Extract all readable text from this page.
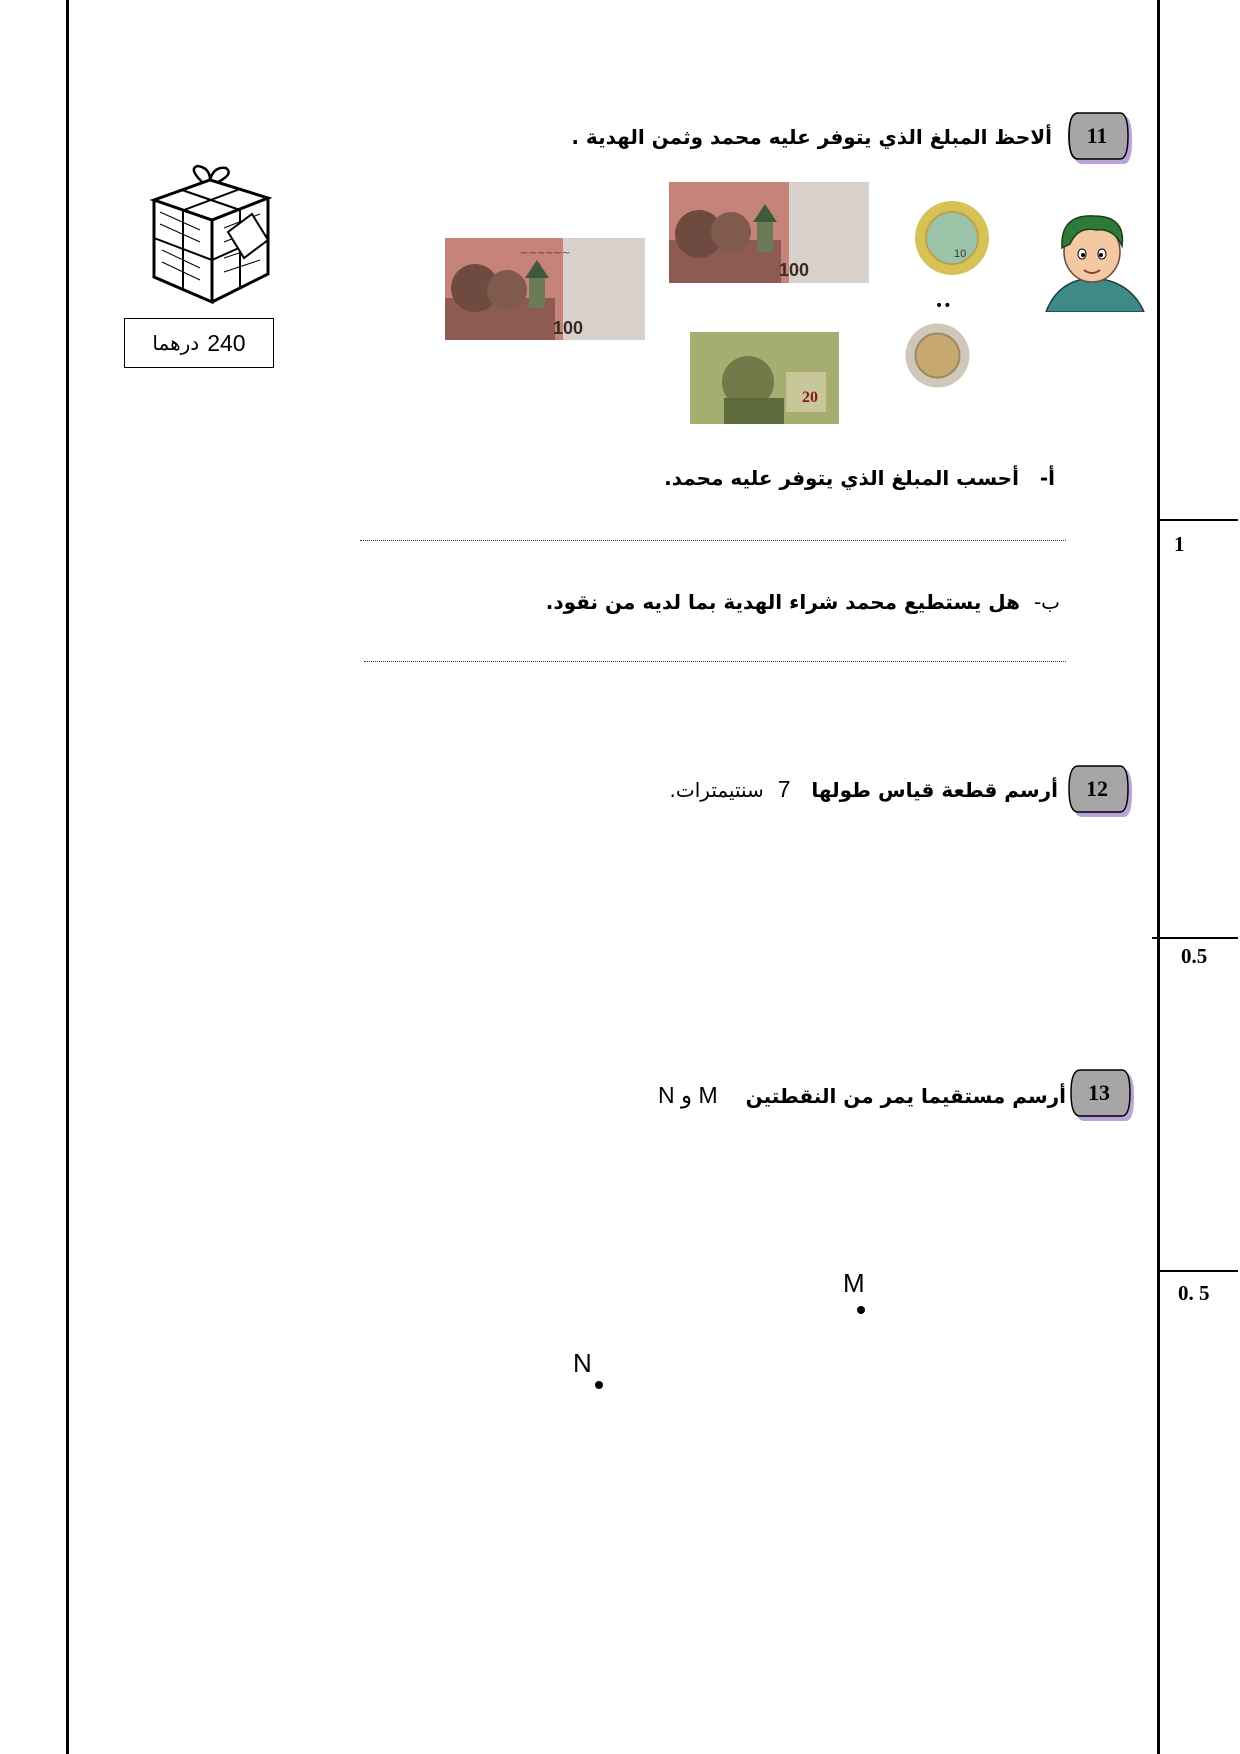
1
0.5
0. 5
11
ألاحظ المبلغ الذي يتوفر عليه محمد وثمن الهدية .
240
درهما
100
~~~~~~
100
20
10
••
أ-   أحسب المبلغ الذي يتوفر عليه محمد.
ب-  هل يستطيع محمد شراء الهدية بما لديه من نقود.
12
أرسم قطعة قياس طولها   7  سنتيمترات.
13
أرسم مستقيما يمر من النقطتين    M و N
M
N
